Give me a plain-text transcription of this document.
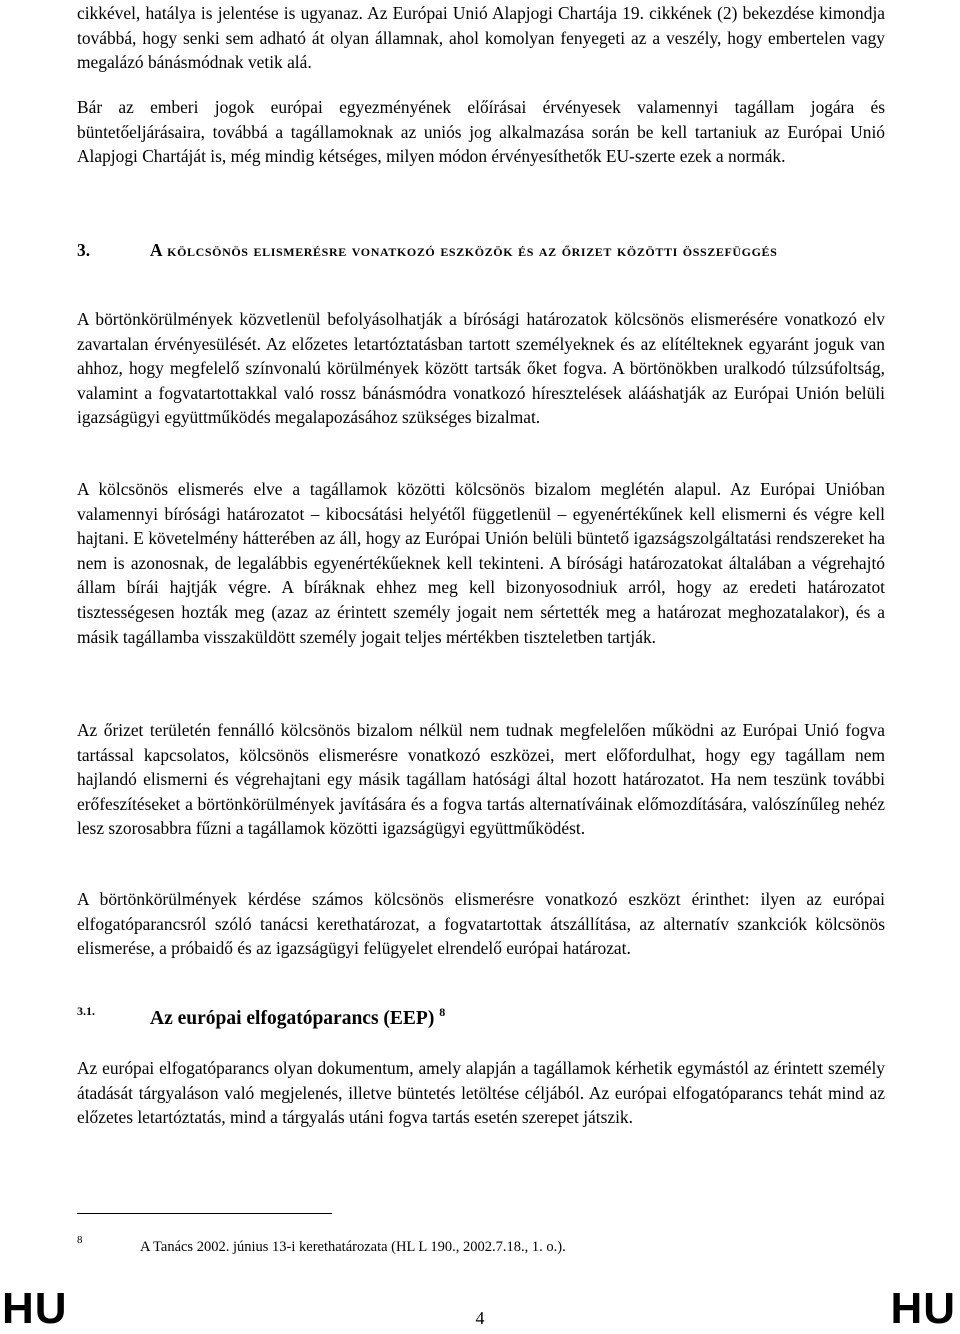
cikkével, hatálya is jelentése is ugyanaz. Az Európai Unió Alapjogi Chartája 19. cikkének (2) bekezdése kimondja továbbá, hogy senki sem adható át olyan államnak, ahol komolyan fenyegeti az a veszély, hogy embertelen vagy megalázó bánásmódnak vetik alá.

Bár az emberi jogok európai egyezményének előírásai érvényesek valamennyi tagállam jogára és büntetőeljárásaira, továbbá a tagállamoknak az uniós jog alkalmazása során be kell tartaniuk az Európai Unió Alapjogi Chartáját is, még mindig kétséges, milyen módon érvényesíthetők EU-szerte ezek a normák.

3.	A kölcsönös elismerésre vonatkozó eszközök és az őrizet közötti összefüggés

A börtönkörülmények közvetlenül befolyásolhatják a bírósági határozatok kölcsönös elismerésére vonatkozó elv zavartalan érvényesülését. Az előzetes letartóztatásban tartott személyeknek és az elítélteknek egyaránt joguk van ahhoz, hogy megfelelő színvonalú körülmények között tartsák őket fogva. A börtönökben uralkodó túlzsúfoltság, valamint a fogvatartottakkal való rossz bánásmódra vonatkozó híresztelések alááshatják az Európai Unión belüli igazságügyi együttműködés megalapozásához szükséges bizalmat.

A kölcsönös elismerés elve a tagállamok közötti kölcsönös bizalom meglétén alapul. Az Európai Unióban valamennyi bírósági határozatot – kibocsátási helyétől függetlenül – egyenértékűnek kell elismerni és végre kell hajtani. E követelmény hátterében az áll, hogy az Európai Unión belüli büntető igazságszolgáltatási rendszereket ha nem is azonosnak, de legalábbis egyenértékűeknek kell tekinteni. A bírósági határozatokat általában a végrehajtó állam bírái hajtják végre. A bíráknak ehhez meg kell bizonyosodniuk arról, hogy az eredeti határozatot tisztességesen hozták meg (azaz az érintett személy jogait nem sértették meg a határozat meghozatalakor), és a másik tagállamba visszaküldött személy jogait teljes mértékben tiszteletben tartják.

Az őrizet területén fennálló kölcsönös bizalom nélkül nem tudnak megfelelően működni az Európai Unió fogva tartással kapcsolatos, kölcsönös elismerésre vonatkozó eszközei, mert előfordulhat, hogy egy tagállam nem hajlandó elismerni és végrehajtani egy másik tagállam hatósági által hozott határozatot. Ha nem teszünk további erőfeszítéseket a börtönkörülmények javítására és a fogva tartás alternatíváinak előmozdítására, valószínűleg nehéz lesz szorosabbra fűzni a tagállamok közötti igazságügyi együttműködést.

A börtönkörülmények kérdése számos kölcsönös elismerésre vonatkozó eszközt érinthet: ilyen az európai elfogatóparancsról szóló tanácsi kerethatározat, a fogvatartottak átszállítása, az alternatív szankciók kölcsönös elismerése, a próbaidő és az igazságügyi felügyelet elrendelő európai határozat.

3.1.	Az európai elfogatóparancs (EEP) $^8$

Az európai elfogatóparancs olyan dokumentum, amely alapján a tagállamok kérhetik egymástól az érintett személy átadását tárgyaláson való megjelenés, illetve büntetés letöltése céljából. Az európai elfogatóparancs tehát mind az előzetes letartóztatás, mind a tárgyalás utáni fogva tartás esetén szerepet játszik.

8	A Tanács 2002. június 13-i kerethatározata (HL L 190., 2002.7.18., 1. o.).
HU	4	HU
